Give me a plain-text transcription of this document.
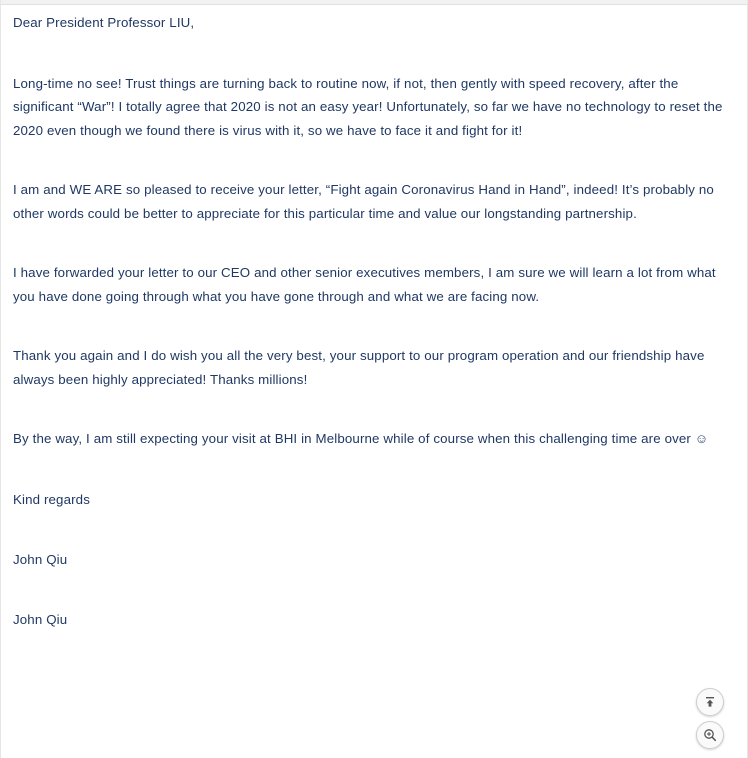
Dear President Professor LIU,

Long-time no see! Trust things are turning back to routine now, if not, then gently with speed recovery, after the significant “War”! I totally agree that 2020 is not an easy year! Unfortunately, so far we have no technology to reset the 2020 even though we found there is virus with it, so we have to face it and fight for it!

I am and WE ARE so pleased to receive your letter, “Fight again Coronavirus Hand in Hand”, indeed! It’s probably no other words could be better to appreciate for this particular time and value our longstanding partnership.

I have forwarded your letter to our CEO and other senior executives members, I am sure we will learn a lot from what you have done going through what you have gone through and what we are facing now.

Thank you again and I do wish you all the very best, your support to our program operation and our friendship have always been highly appreciated! Thanks millions!

By the way, I am still expecting your visit at BHI in Melbourne while of course when this challenging time are over ☺

Kind regards

John Qiu

John Qiu
